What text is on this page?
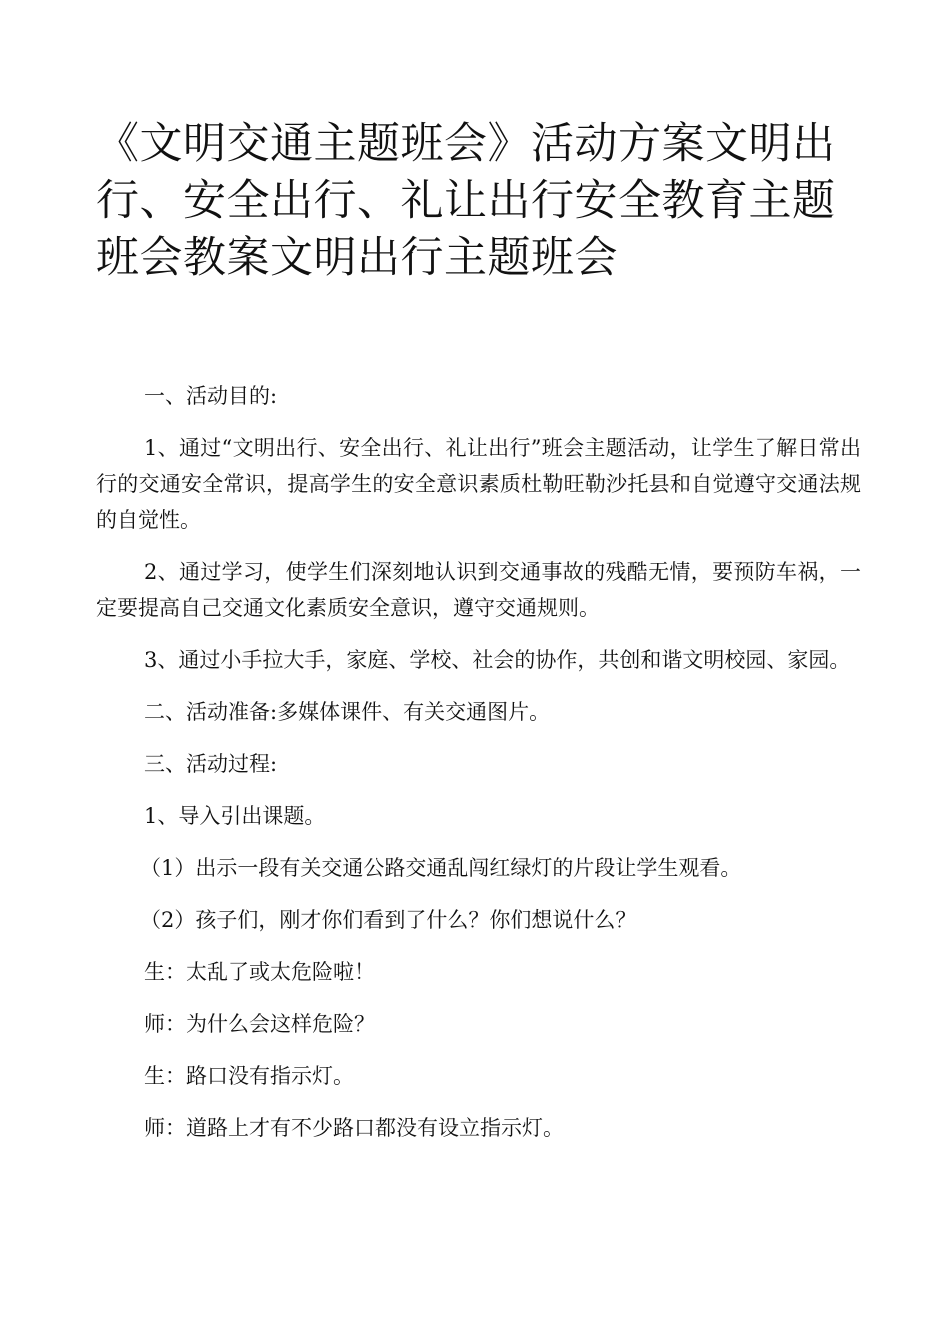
《文明交通主题班会》活动方案文明出行、安全出行、礼让出行安全教育主题班会教案文明出行主题班会

一、活动目的:

1、通过“文明出行、安全出行、礼让出行”班会主题活动，让学生了解日常出行的交通安全常识，提高学生的安全意识素质杜勒旺勒沙托县和自觉遵守交通法规的自觉性。

2、通过学习，使学生们深刻地认识到交通事故的残酷无情，要预防车祸，一定要提高自己交通文化素质安全意识，遵守交通规则。

3、通过小手拉大手，家庭、学校、社会的协作，共创和谐文明校园、家园。

二、活动准备:多媒体课件、有关交通图片。

三、活动过程:

1、导入引出课题。

（1）出示一段有关交通公路交通乱闯红绿灯的片段让学生观看。

（2）孩子们，刚才你们看到了什么？你们想说什么？

生：太乱了或太危险啦！

师：为什么会这样危险？

生：路口没有指示灯。

师：道路上才有不少路口都没有设立指示灯。
